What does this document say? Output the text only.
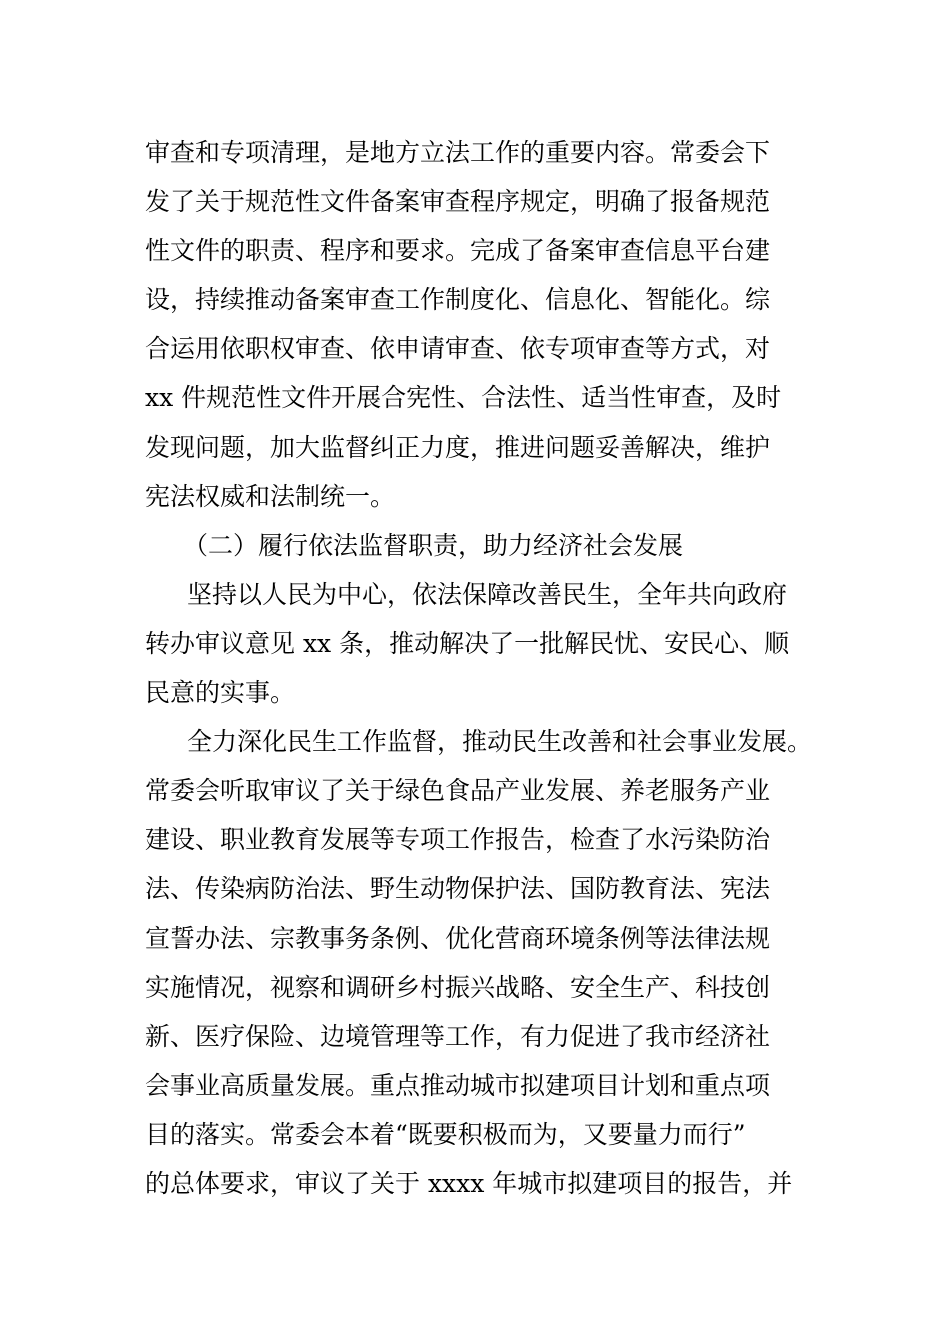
审查和专项清理，是地方立法工作的重要内容。常委会下
发了关于规范性文件备案审查程序规定，明确了报备规范
性文件的职责、程序和要求。完成了备案审查信息平台建
设，持续推动备案审查工作制度化、信息化、智能化。综
合运用依职权审查、依申请审查、依专项审查等方式，对
xx 件规范性文件开展合宪性、合法性、适当性审查，及时
发现问题，加大监督纠正力度，推进问题妥善解决，维护
宪法权威和法制统一。
（二）履行依法监督职责，助力经济社会发展
坚持以人民为中心，依法保障改善民生，全年共向政府
转办审议意见 xx 条，推动解决了一批解民忧、安民心、顺
民意的实事。
全力深化民生工作监督，推动民生改善和社会事业发展。
常委会听取审议了关于绿色食品产业发展、养老服务产业
建设、职业教育发展等专项工作报告，检查了水污染防治
法、传染病防治法、野生动物保护法、国防教育法、宪法
宣誓办法、宗教事务条例、优化营商环境条例等法律法规
实施情况，视察和调研乡村振兴战略、安全生产、科技创
新、医疗保险、边境管理等工作，有力促进了我市经济社
会事业高质量发展。重点推动城市拟建项目计划和重点项
目的落实。常委会本着“既要积极而为，又要量力而行”
的总体要求，审议了关于 xxxx 年城市拟建项目的报告，并
